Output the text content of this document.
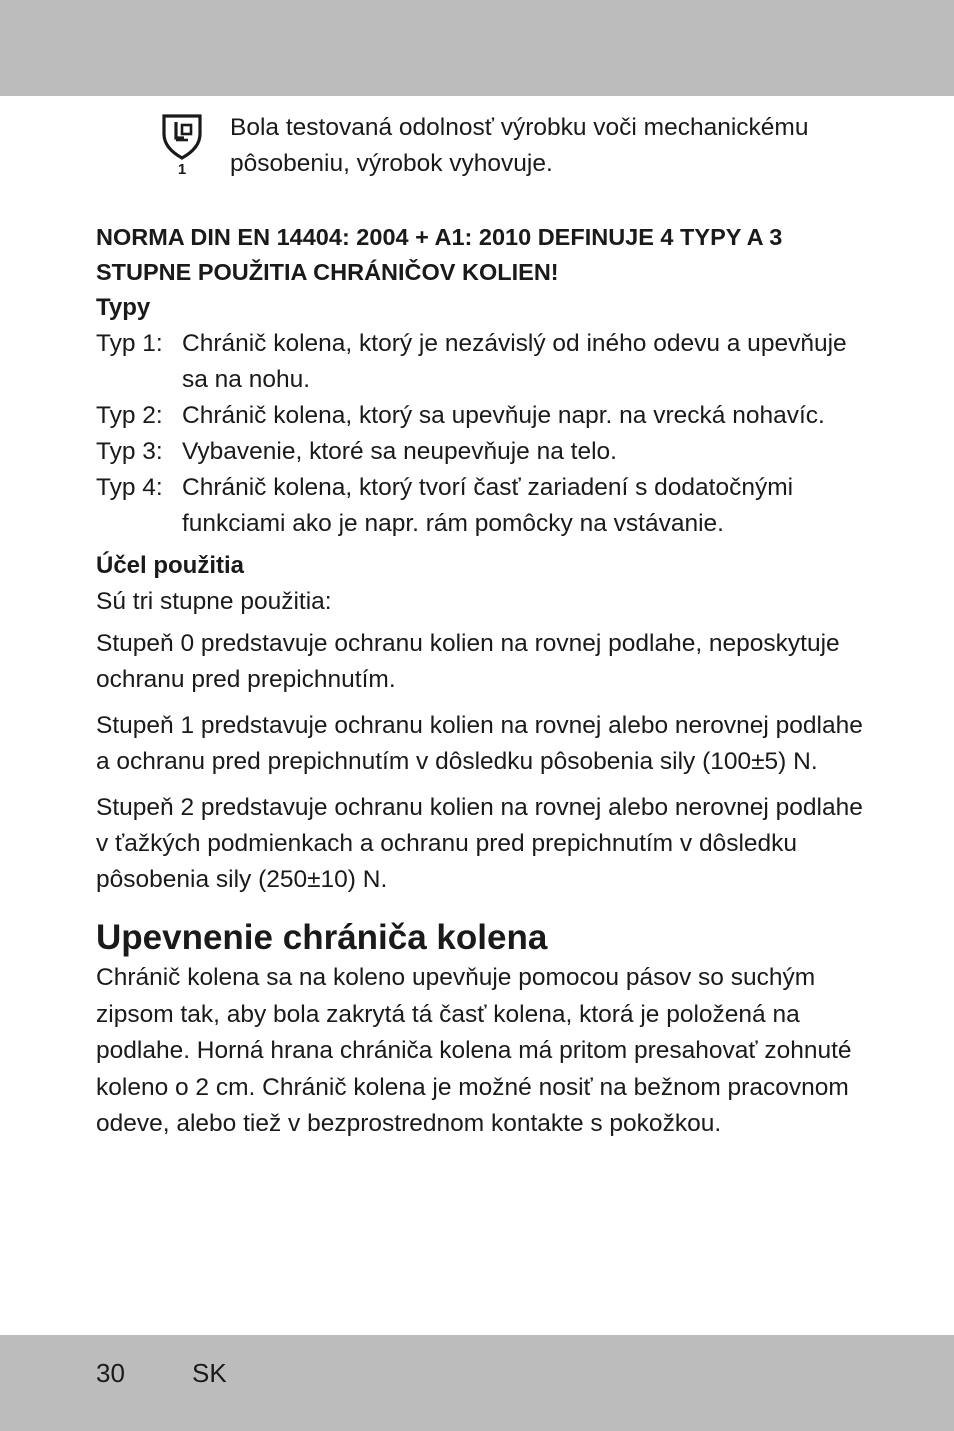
1

Bola testovaná odolnosť výrobku voči mechanickému pôsobeniu, výrobok vyhovuje.

NORMA DIN EN 14404: 2004 + A1: 2010 DEFINUJE 4 TYPY A 3 STUPNE POUŽITIA CHRÁNIČOV KOLIEN!

Typy

Typ 1: Chránič kolena, ktorý je nezávislý od iného odevu a upevňuje sa na nohu.
Typ 2: Chránič kolena, ktorý sa upevňuje napr. na vrecká nohavíc.
Typ 3: Vybavenie, ktoré sa neupevňuje na telo.
Typ 4: Chránič kolena, ktorý tvorí časť zariadení s dodatočnými funkciami ako je napr. rám pomôcky na vstávanie.

Účel použitia

Sú tri stupne použitia:

Stupeň 0 predstavuje ochranu kolien na rovnej podlahe, neposkytuje ochranu pred prepichnutím.

Stupeň 1 predstavuje ochranu kolien na rovnej alebo nerovnej podlahe a ochranu pred prepichnutím v dôsledku pôsobenia sily (100±5) N.

Stupeň 2 predstavuje ochranu kolien na rovnej alebo nerovnej podlahe v ťažkých podmienkach a ochranu pred prepichnutím v dôsledku pôsobenia sily (250±10) N.

Upevnenie chrániča kolena

Chránič kolena sa na koleno upevňuje pomocou pásov so suchým zipsom tak, aby bola zakrytá tá časť kolena, ktorá je položená na podlahe. Horná hrana chrániča kolena má pritom presahovať zohnuté koleno o 2 cm. Chránič kolena je možné nosiť na bežnom pracovnom odeve, alebo tiež v bezprostrednom kontakte s pokožkou.

30	SK
